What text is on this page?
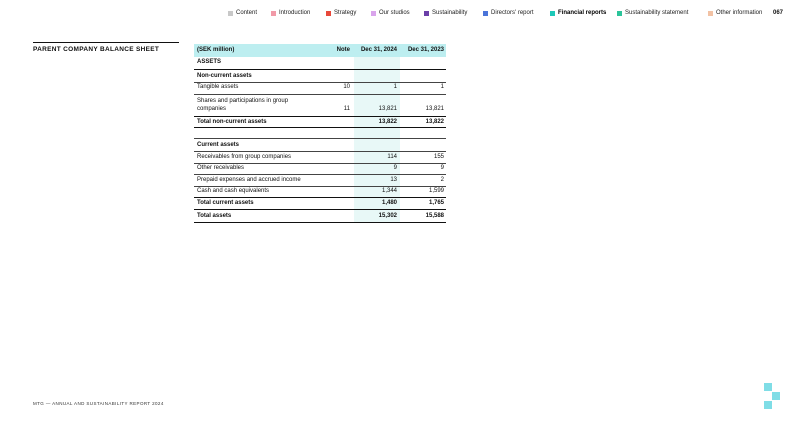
Content	Introduction	Strategy	Our studios	Sustainability	Directors' report	Financial reports	Sustainability statement	Other information 067
PARENT COMPANY BALANCE SHEET	(SEK million)	Note	Dec 31, 2024	Dec 31, 2023
ASSETS
Non-current assets
Tangible assets	10	1	1
Shares and participations in group
companies	11	13,821	13,821
Total non-current assets	13,822	13,822
Current assets
Receivables from group companies	114	155
Other receivables	9	9
Prepaid expenses and accrued income	13	2
Cash and cash equivalents	1,344	1,599
Total current assets	1,480	1,765
Total assets	15,302	15,588
MTG — ANNUAL AND SUSTAINABILITY REPORT 2024
